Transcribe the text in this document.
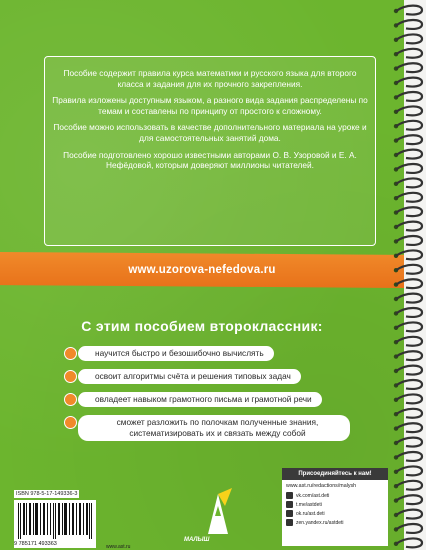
Пособие содержит правила курса математики и русского языка для второго класса и задания для их прочного закрепления.

Правила изложены доступным языком, а разного вида задания распределены по темам и составлены по принципу от простого к сложному.

Пособие можно использовать в качестве дополнительного материала на уроке и для самостоятельных занятий дома.

Пособие подготовлено хорошо известными авторами О. В. Узоровой и Е. А. Нефёдовой, которым доверяют миллионы читателей.

www.uzorova-nefedova.ru
С этим пособием второклассник:
научится быстро и безошибочно вычислять
освоит алгоритмы счёта и решения типовых задач
овладеет навыком грамотного письма и грамотной речи
сможет разложить по полочкам полученные знания, систематизировать их и связать между собой
ISBN 978-5-17-149336-3
9 785171 493363	www.ast.ru
МАЛЫШ
Присоединяйтесь к нам!
www.ast.ru/redactions/malysh
vk.com/ast.deti
t.me/astdeti
ok.ru/ast.deti
zen.yandex.ru/astdeti
